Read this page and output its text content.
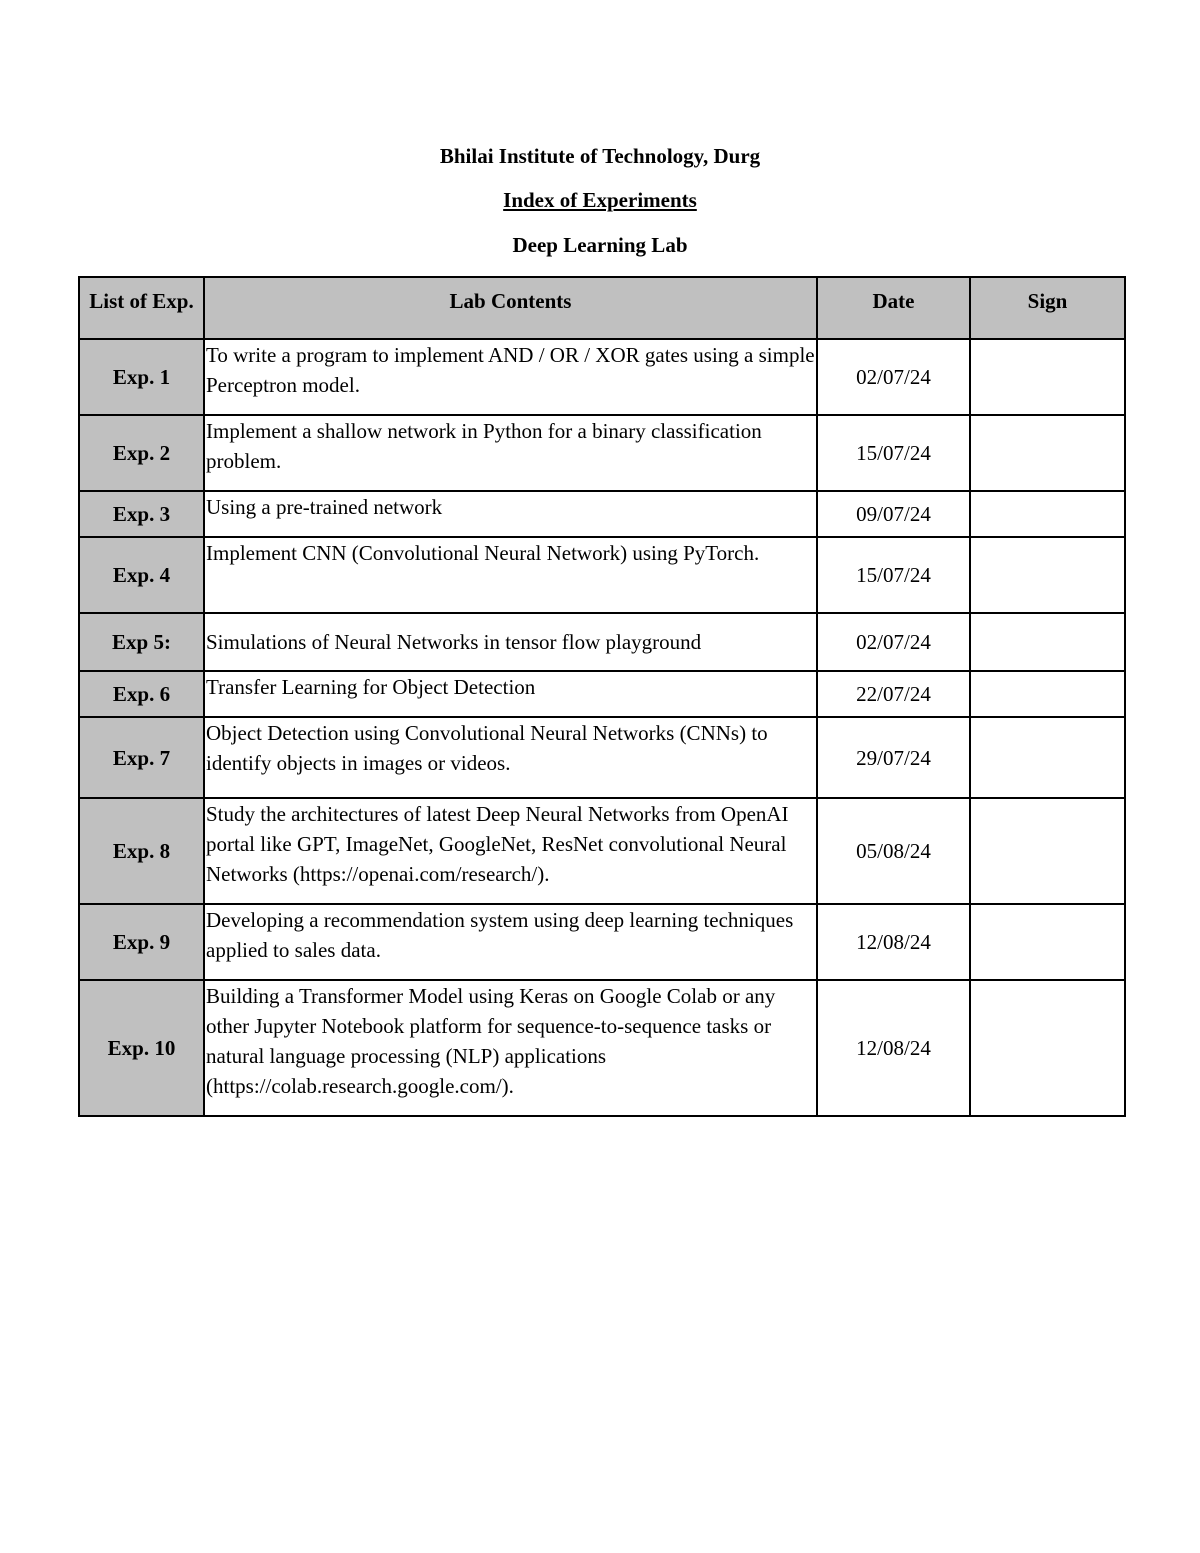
Bhilai Institute of Technology, Durg
Index of Experiments
Deep Learning Lab
List of Exp.	Lab Contents	Date	Sign
Exp. 1	To write a program to implement AND / OR / XOR gates using a simple Perceptron model.	02/07/24	
Exp. 2	Implement a shallow network in Python for a binary classification problem.	15/07/24	
Exp. 3	Using a pre-trained network	09/07/24	
Exp. 4	Implement CNN (Convolutional Neural Network) using PyTorch.	15/07/24	
Exp 5:	Simulations of Neural Networks in tensor flow playground	02/07/24	
Exp. 6	Transfer Learning for Object Detection	22/07/24	
Exp. 7	Object Detection using Convolutional Neural Networks (CNNs) to identify objects in images or videos.	29/07/24	
Exp. 8	Study the architectures of latest Deep Neural Networks from OpenAI portal like GPT, ImageNet, GoogleNet, ResNet convolutional Neural Networks (https://openai.com/research/).	05/08/24	
Exp. 9	Developing a recommendation system using deep learning techniques applied to sales data.	12/08/24	
Exp. 10	Building a Transformer Model using Keras on Google Colab or any other Jupyter Notebook platform for sequence-to-sequence tasks or natural language processing (NLP) applications (https://colab.research.google.com/).	12/08/24	
